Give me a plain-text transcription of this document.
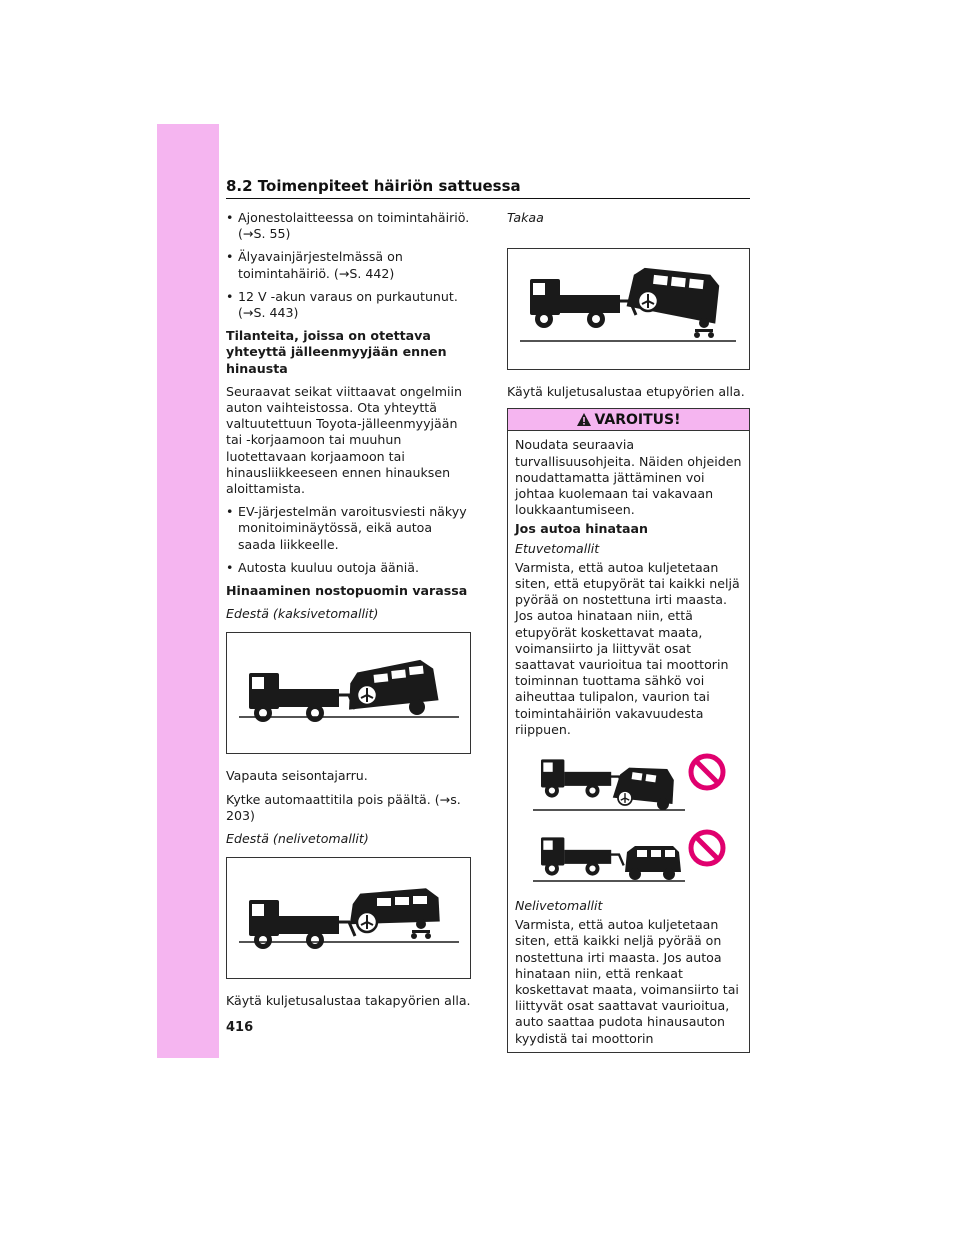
8.2 Toimenpiteet häiriön sattuessa
• Ajonestolaitteessa on toimintahäiriö. (→S. 55)
• Älyavainjärjestelmässä on toimintahäiriö. (→S. 442)
• 12 V -akun varaus on purkautunut. (→S. 443)
Tilanteita, joissa on otettava yhteyttä jälleenmyyjään ennen hinausta
Seuraavat seikat viittaavat ongelmiin auton vaihteistossa. Ota yhteyttä valtuutettuun Toyota-jälleenmyyjään tai -korjaamoon tai muuhun luotettavaan korjaamoon tai hinausliikkeeseen ennen hinauksen aloittamista.
• EV-järjestelmän varoitusviesti näkyy monitoiminäytössä, eikä autoa saada liikkeelle.
• Autosta kuuluu outoja ääniä.
Hinaaminen nostopuomin varassa
Edestä (kaksivetomallit)
Vapauta seisontajarru.
Kytke automaattitila pois päältä. (→s. 203)
Edestä (nelivetomallit)
Käytä kuljetusalustaa takapyörien alla.
Takaa
Käytä kuljetusalustaa etupyörien alla.
VAROITUS!
Noudata seuraavia turvallisuusohjeita. Näiden ohjeiden noudattamatta jättäminen voi johtaa kuolemaan tai vakavaan loukkaantumiseen.
Jos autoa hinataan
Etuvetomallit
Varmista, että autoa kuljetetaan siten, että etupyörät tai kaikki neljä pyörää on nostettuna irti maasta. Jos autoa hinataan niin, että etupyörät koskettavat maata, voimansiirto ja liittyvät osat saattavat vaurioitua tai moottorin toiminnan tuottama sähkö voi aiheuttaa tulipalon, vaurion tai toimintahäiriön vakavuudesta riippuen.
Nelivetomallit
Varmista, että autoa kuljetetaan siten, että kaikki neljä pyörää on nostettuna irti maasta. Jos autoa hinataan niin, että renkaat koskettavat maata, voimansiirto tai liittyvät osat saattavat vaurioitua, auto saattaa pudota hinausauton kyydistä tai moottorin
416
